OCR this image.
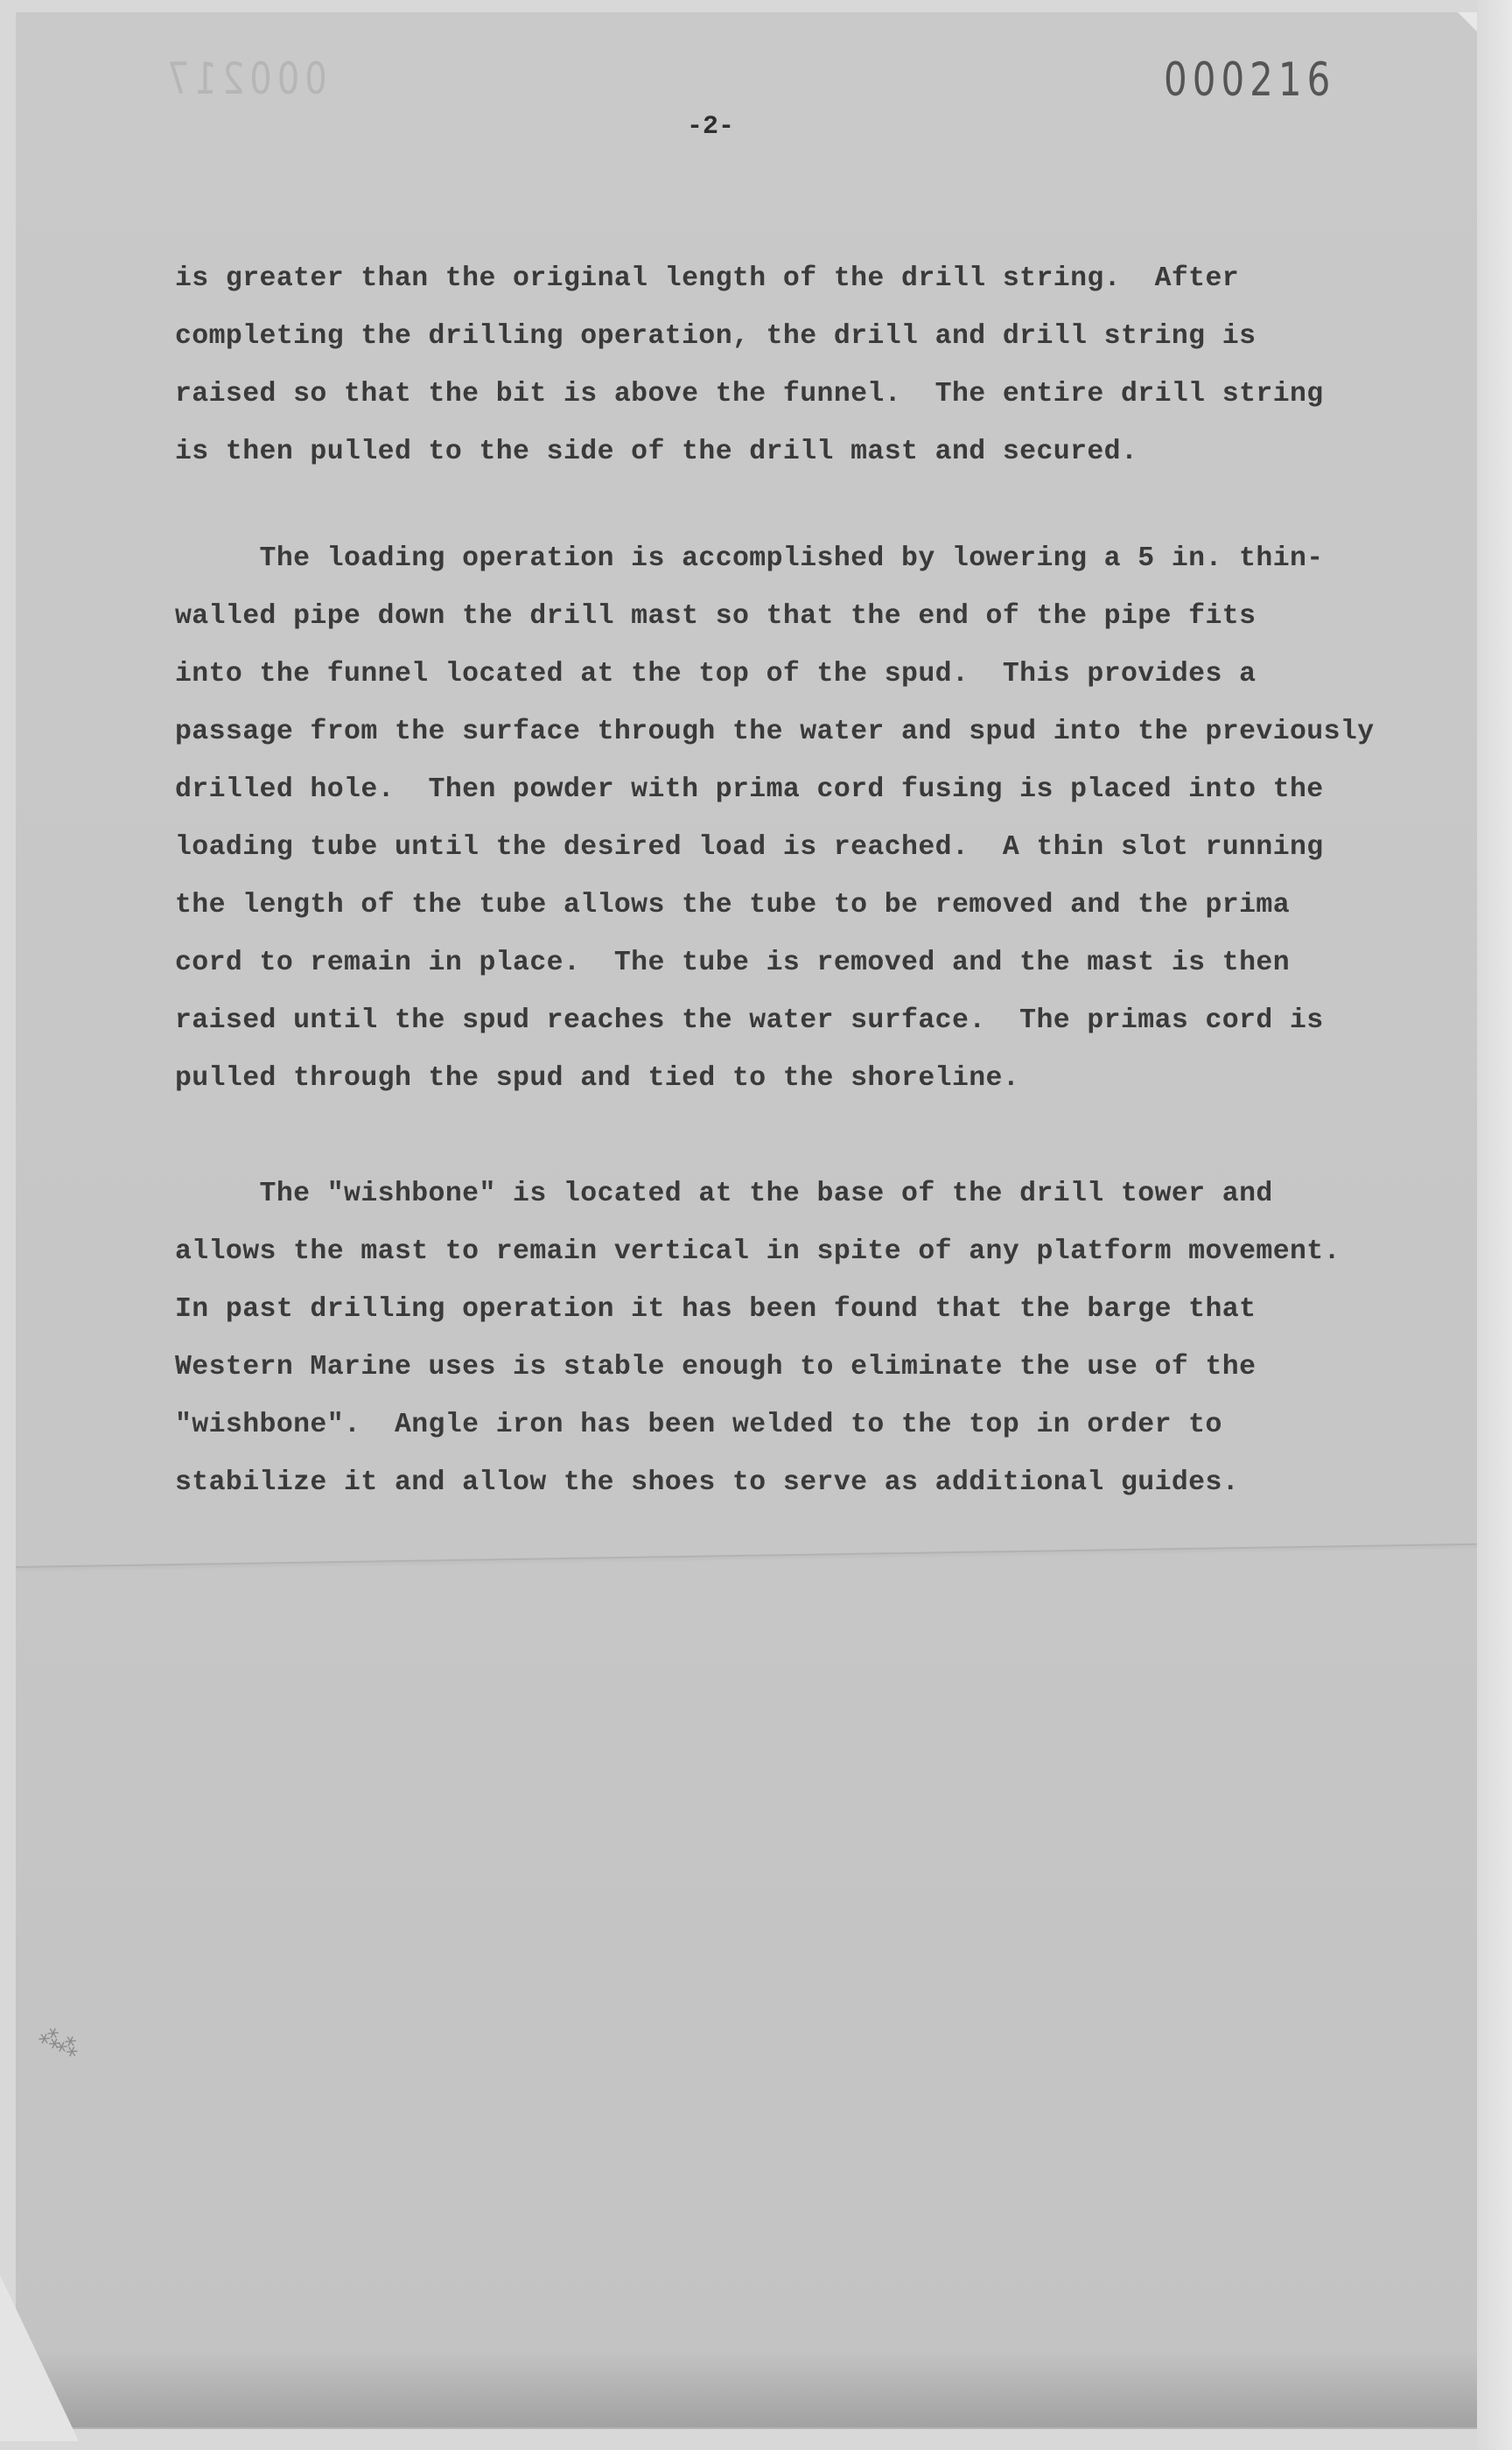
000217	000216
-2-
is greater than the original length of the drill string.  After
completing the drilling operation, the drill and drill string is
raised so that the bit is above the funnel.  The entire drill string
is then pulled to the side of the drill mast and secured.
The loading operation is accomplished by lowering a 5 in. thin-
walled pipe down the drill mast so that the end of the pipe fits
into the funnel located at the top of the spud.  This provides a
passage from the surface through the water and spud into the previously
drilled hole.  Then powder with prima cord fusing is placed into the
loading tube until the desired load is reached.  A thin slot running
the length of the tube allows the tube to be removed and the prima
cord to remain in place.  The tube is removed and the mast is then
raised until the spud reaches the water surface.  The primas cord is
pulled through the spud and tied to the shoreline.
The "wishbone" is located at the base of the drill tower and
allows the mast to remain vertical in spite of any platform movement.
In past drilling operation it has been found that the barge that
Western Marine uses is stable enough to eliminate the use of the
"wishbone".  Angle iron has been welded to the top in order to
stabilize it and allow the shoes to serve as additional guides.
⁂⁂
